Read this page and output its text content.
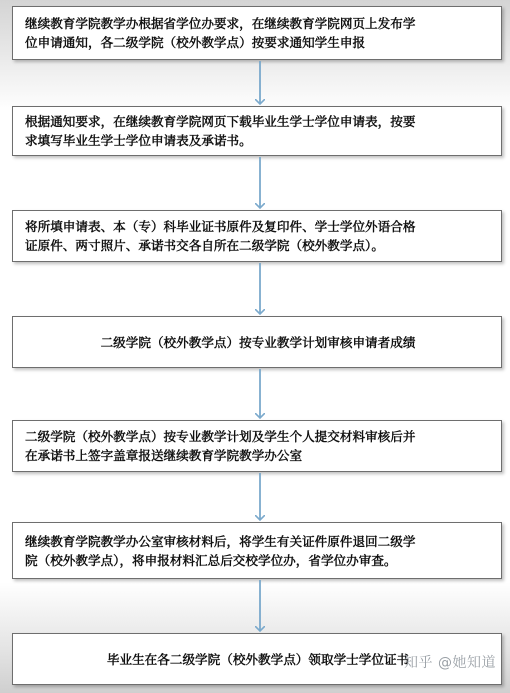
继续教育学院教学办根据省学位办要求，在继续教育学院网页上发布学
位申请通知，各二级学院（校外教学点）按要求通知学生申报
根据通知要求，在继续教育学院网页下载毕业生学士学位申请表，按要
求填写毕业生学士学位申请表及承诺书。
将所填申请表、本（专）科毕业证书原件及复印件、学士学位外语合格
证原件、两寸照片、承诺书交各自所在二级学院（校外教学点）。
二级学院（校外教学点）按专业教学计划审核申请者成绩
二级学院（校外教学点）按专业教学计划及学生个人提交材料审核后并
在承诺书上签字盖章报送继续教育学院教学办公室
继续教育学院教学办公室审核材料后，将学生有关证件原件退回二级学
院（校外教学点），将申报材料汇总后交校学位办，省学位办审查。
毕业生在各二级学院（校外教学点）领取学士学位证书
知乎 @她知道
